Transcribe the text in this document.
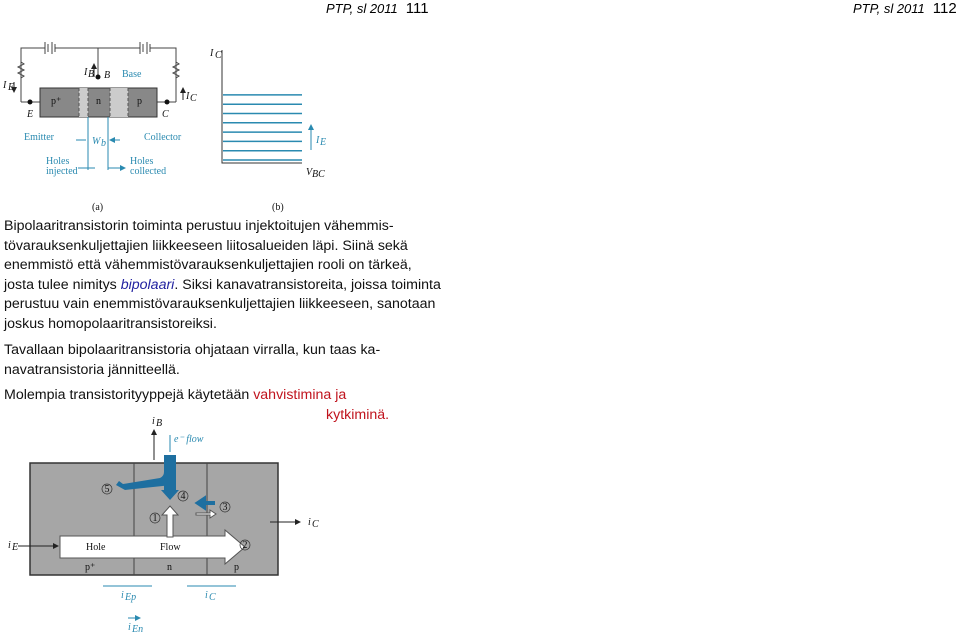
PTP, sl 2011 111	PTP, sl 2011 112
I E
I B B Base
I C
p⁺	n	p
E	C
Emitter	Collector
W b
Holes
injected
Holes
collected
(a)
I C
V BC
I E
(b)
Bipolaaritransistorin toiminta perustuu injektoitujen vähemmis-tövarauksenkuljettajien liikkeeseen liitosalueiden läpi. Siinä sekä enemmistö että vähemmistövarauksenkuljettajien rooli on tärkeä, josta tulee nimitys bipolaari. Siksi kanavatransistoreita, joissa toiminta perustuu vain enemmistövarauksenkuljettajien liikkeeseen, sanotaan joskus homopolaaritransistoreiksi.
Tavallaan bipolaaritransistoria ohjataan virralla, kun taas ka-navatransistoria jännitteellä.
Molempia transistorityyppejä käytetään vahvistimina ja
kytkiminä.
i B
e⁻ flow
i E
i C
Hole	Flow
p⁺	n	p
i Ep	i C
i En
1
2
3
4
5
